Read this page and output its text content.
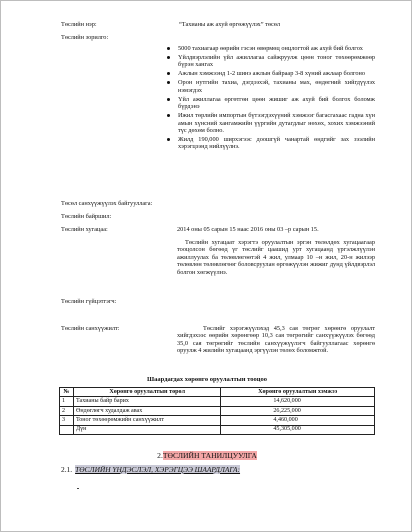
Төслийн нэр:	“Тахианы аж ахуй өргөжүүлэх” төсөл
Төслийн зорилго:
5000 тахиагаар өөрийн гэсэн өвөрмөц онцлогтой аж ахуй бий болгох
Үйлдвэрлэлийн үйл ажиллагаа сайжруулж цөөн тоног төхөөрөмжөөр бүрэн хангах
Ажлын хэмжээнд 1-2 шинэ ажлын байраар 3-8 хүний ажлаар болгоно
Орон нутгийн тахиа, дэгдээхэй, тахианы мах, өндөгний хийгдүүлэх нэмэгдэх
Үйл ажиллагаа өргөтгөн цөөн жишиг аж ахуй бий болгох боломж бүрдэнэ
Ижил төрлийн импортын бүтээгдэхүүний хэмжээг багасгахаас гадна хүн амын хүнсний хангамжийн үүргийн дутагдлыг нөхөх, хохих хэмжээний түс дөхөм болно.
Жилд 190,000 ширхэгээс доошгүй чанартай өндгийг зах зээлийн хэрэгцээнд нийлүүлнэ.
Төсөл санхүүжүүлэх байгууллага:
Төслийн байршил:
Төслийн хугацаа:	2014 оны 05 сарын 15 наас 2016 оны 03 –р сарын 15.
Төслийн хугацаат хэрэгтэ оруулалтын эргэн төлөлдөх хугацаагаар тооцолсон бөгөөд үг төслийг цаашид урт хугацаанд үргэлжлүүлэн ажиллуулах ба төлөвлөгөөтэй 4 жил, улмаар 10 –н жил, 20-н жилээр төлөвлөн төлөвлөгөөг боловсруулан өргөжүүлэн жижиг дунд үйлдвэрлэл болгон хөгжүүлнэ.
Төслийн гүйцэтгэгч:
Төслийн санхүүжилт:	Төслийг хэрэгжүүлэхэд 45,3 сая төгрөг хөрөнгө оруулалт хийгдэхээс өөрийн хөрөнгөөр 10,3 сая төгрөгийг санхүүжүүлэх бөгөөд 35,0 сая төгрөгийг төслийн санхүүжүүлэгч байгууллагаас хөрөнгө оруулж 4 жилийн хугацаанд эргүүлэн төлөх боломжтой.
Шаардагдах хөрөнгө оруулалтын тооцоо
№	Хөрөнгө оруулалтын төрөл	Хөрөнгө оруулалтын хэмжээ
1	Тахианы байр барих	14,620,000
2	Өндөглөгч худалдаж авах	26,225,000
3	Тоног төхөөрөмжийн санхүүжилт	4,460,000
	Дүн	45,305,000
2.ТӨСЛИЙН ТАНИЛЦУУЛГА
2.1. ТӨСЛИЙН ҮНДЭСЛЭЛ, ХЭРЭГЦЭЭ ШААРДЛАГА:
